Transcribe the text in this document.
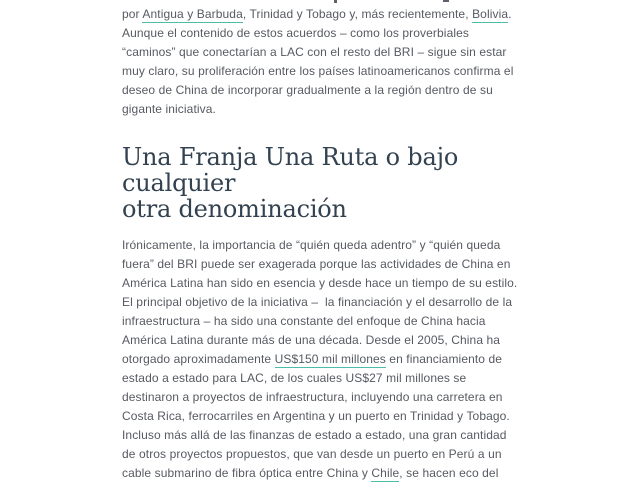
por Antigua y Barbuda, Trinidad y Tobago y, más recientemente, Bolivia.
Aunque el contenido de estos acuerdos – como los proverbiales
“caminos” que conectarían a LAC con el resto del BRI – sigue sin estar
muy claro, su proliferación entre los países latinoamericanos confirma el
deseo de China de incorporar gradualmente a la región dentro de su
gigante iniciativa.

Una Franja Una Ruta o bajo cualquier
otra denominación

Irónicamente, la importancia de “quién queda adentro” y “quién queda
fuera” del BRI puede ser exagerada porque las actividades de China en
América Latina han sido en esencia y desde hace un tiempo de su estilo.

El principal objetivo de la iniciativa –  la financiación y el desarrollo de la
infraestructura – ha sido una constante del enfoque de China hacia
América Latina durante más de una década. Desde el 2005, China ha
otorgado aproximadamente US$150 mil millones en financiamiento de
estado a estado para LAC, de los cuales US$27 mil millones se
destinaron a proyectos de infraestructura, incluyendo una carretera en
Costa Rica, ferrocarriles en Argentina y un puerto en Trinidad y Tobago.

Incluso más allá de las finanzas de estado a estado, una gran cantidad
de otros proyectos propuestos, que van desde un puerto en Perú a un
cable submarino de fibra óptica entre China y Chile, se hacen eco del
